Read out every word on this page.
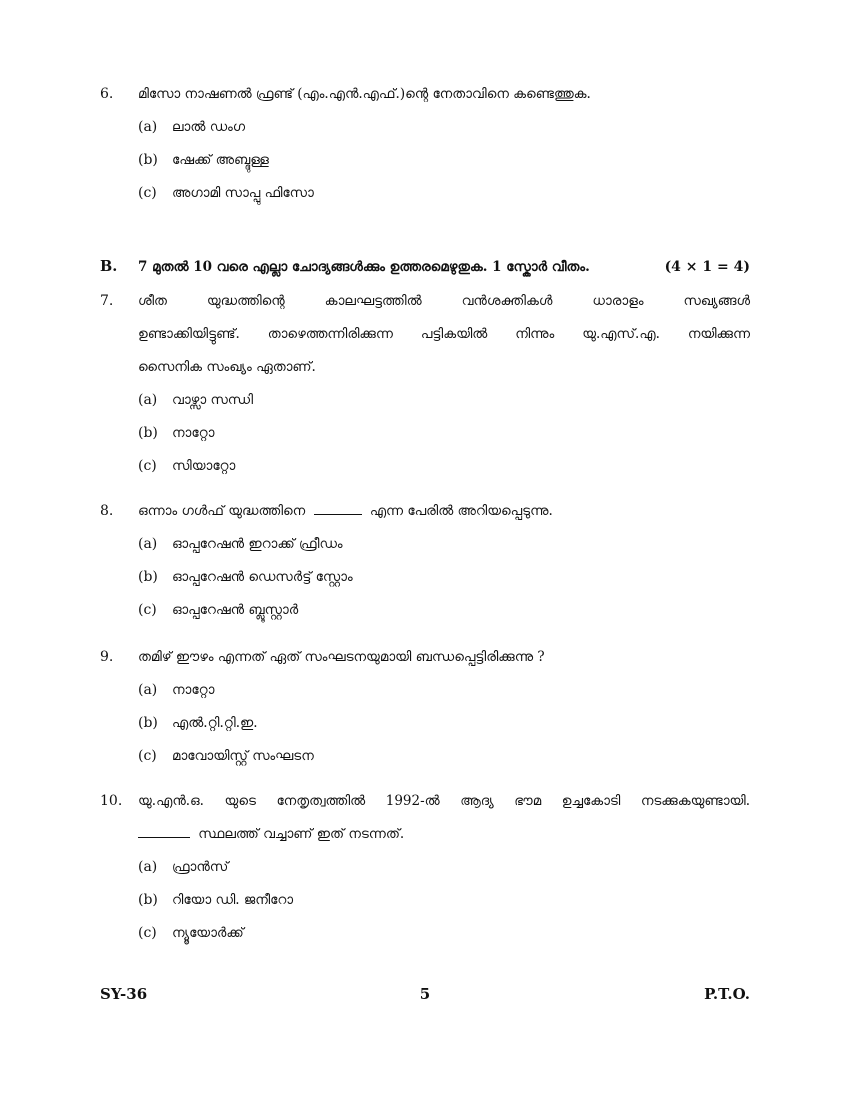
6.	മിസോ നാഷണൽ ഫ്രണ്ട് (എം.എൻ.എഫ്.)ന്റെ നേതാവിനെ കണ്ടെത്തുക.
(a)	ലാൽ ഡംഗ
(b)	ഷേക്ക് അബ്ദുള്ള
(c)	അഗാമി സാപ്പു ഫിസോ
B.	7 മുതൽ 10 വരെ എല്ലാ ചോദ്യങ്ങൾക്കും ഉത്തരമെഴുതുക. 1 സ്കോർ വീതം.	(4 × 1 = 4)
7.	ശീത യുദ്ധത്തിന്റെ കാലഘട്ടത്തിൽ വൻശക്തികൾ ധാരാളം സഖ്യങ്ങൾ
ഉണ്ടാക്കിയിട്ടുണ്ട്. താഴെത്തന്നിരിക്കുന്ന പട്ടികയിൽ നിന്നും യു.എസ്.എ. നയിക്കുന്ന
സൈനിക സംഖ്യം ഏതാണ്.
(a)	വാഴ്സാ സന്ധി
(b)	നാറ്റോ
(c)	സിയാറ്റോ
8.	ഒന്നാം ഗൾഫ് യുദ്ധത്തിനെ	എന്ന പേരിൽ അറിയപ്പെടുന്നു.
(a)	ഓപ്പറേഷൻ ഇറാക്ക് ഫ്രീഡം
(b)	ഓപ്പറേഷൻ ഡെസർട്ട് സ്റ്റോം
(c)	ഓപ്പറേഷൻ ബ്ലൂസ്റ്റാർ
9.	തമിഴ് ഈഴം എന്നത് ഏത് സംഘടനയുമായി ബന്ധപ്പെട്ടിരിക്കുന്നു ?
(a)	നാറ്റോ
(b)	എൽ.റ്റി.റ്റി.ഇ.
(c)	മാവോയിസ്റ്റ് സംഘടന
10.	യു.എൻ.ഒ. യുടെ നേതൃത്വത്തിൽ 1992-ൽ ആദ്യ ഭൗമ ഉച്ചകോടി നടക്കുകയുണ്ടായി.
സ്ഥലത്ത് വച്ചാണ് ഇത് നടന്നത്.
(a)	ഫ്രാൻസ്
(b)	റിയോ ഡി. ജനീറോ
(c)	ന്യൂയോർക്ക്
5
SY-36	P.T.O.
